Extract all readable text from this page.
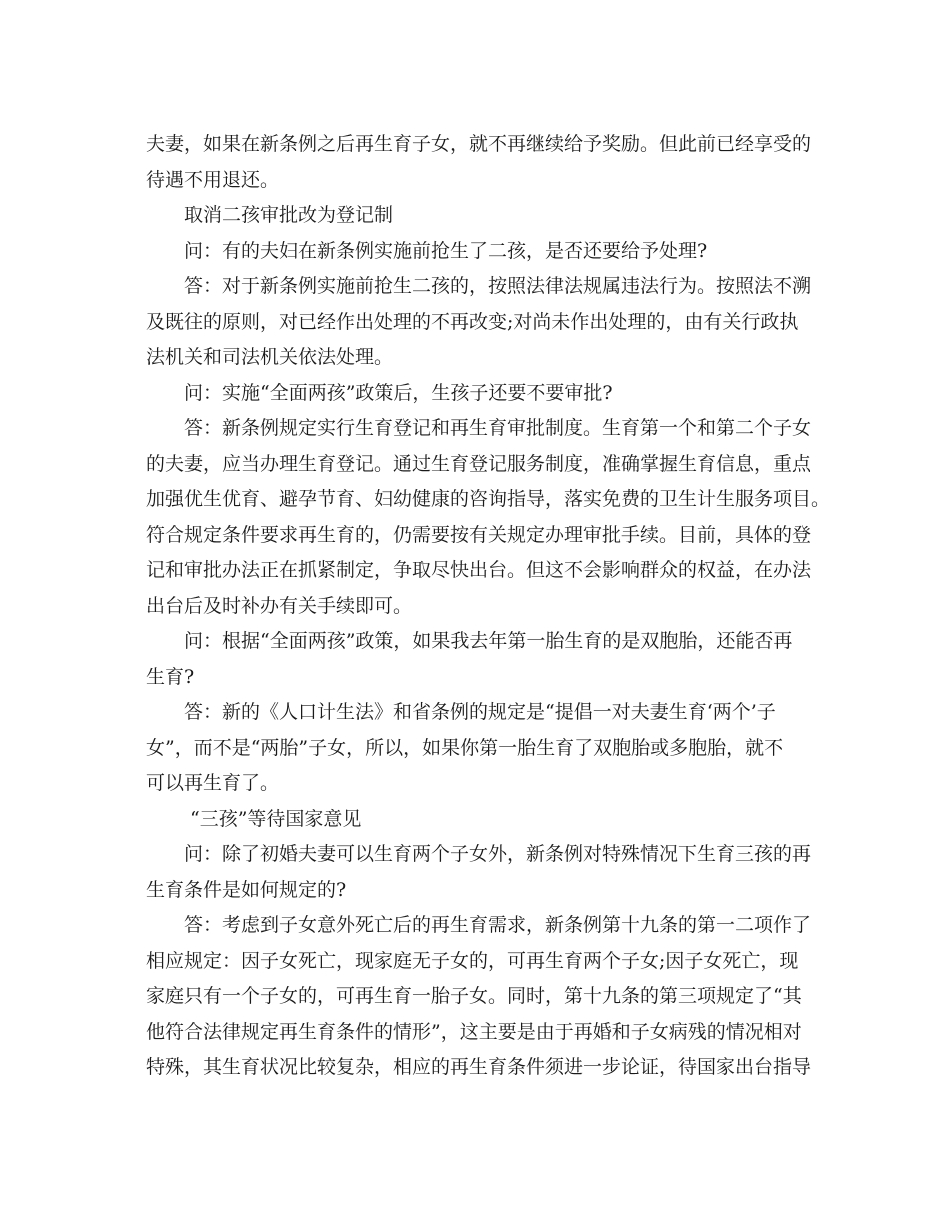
夫妻，如果在新条例之后再生育子女，就不再继续给予奖励。但此前已经享受的
待遇不用退还。
取消二孩审批改为登记制
问：有的夫妇在新条例实施前抢生了二孩，是否还要给予处理?
答：对于新条例实施前抢生二孩的，按照法律法规属违法行为。按照法不溯
及既往的原则，对已经作出处理的不再改变;对尚未作出处理的，由有关行政执
法机关和司法机关依法处理。
问：实施“全面两孩”政策后，生孩子还要不要审批?
答：新条例规定实行生育登记和再生育审批制度。生育第一个和第二个子女
的夫妻，应当办理生育登记。通过生育登记服务制度，准确掌握生育信息，重点
加强优生优育、避孕节育、妇幼健康的咨询指导，落实免费的卫生计生服务项目。
符合规定条件要求再生育的，仍需要按有关规定办理审批手续。目前，具体的登
记和审批办法正在抓紧制定，争取尽快出台。但这不会影响群众的权益，在办法
出台后及时补办有关手续即可。
问：根据“全面两孩”政策，如果我去年第一胎生育的是双胞胎，还能否再
生育?
答：新的《人口计生法》和省条例的规定是“提倡一对夫妻生育‘两个’子
女”，而不是“两胎”子女，所以，如果你第一胎生育了双胞胎或多胞胎，就不
可以再生育了。
“三孩”等待国家意见
问：除了初婚夫妻可以生育两个子女外，新条例对特殊情况下生育三孩的再
生育条件是如何规定的?
答：考虑到子女意外死亡后的再生育需求，新条例第十九条的第一二项作了
相应规定：因子女死亡，现家庭无子女的，可再生育两个子女;因子女死亡，现
家庭只有一个子女的，可再生育一胎子女。同时，第十九条的第三项规定了“其
他符合法律规定再生育条件的情形”，这主要是由于再婚和子女病残的情况相对
特殊，其生育状况比较复杂，相应的再生育条件须进一步论证，待国家出台指导
